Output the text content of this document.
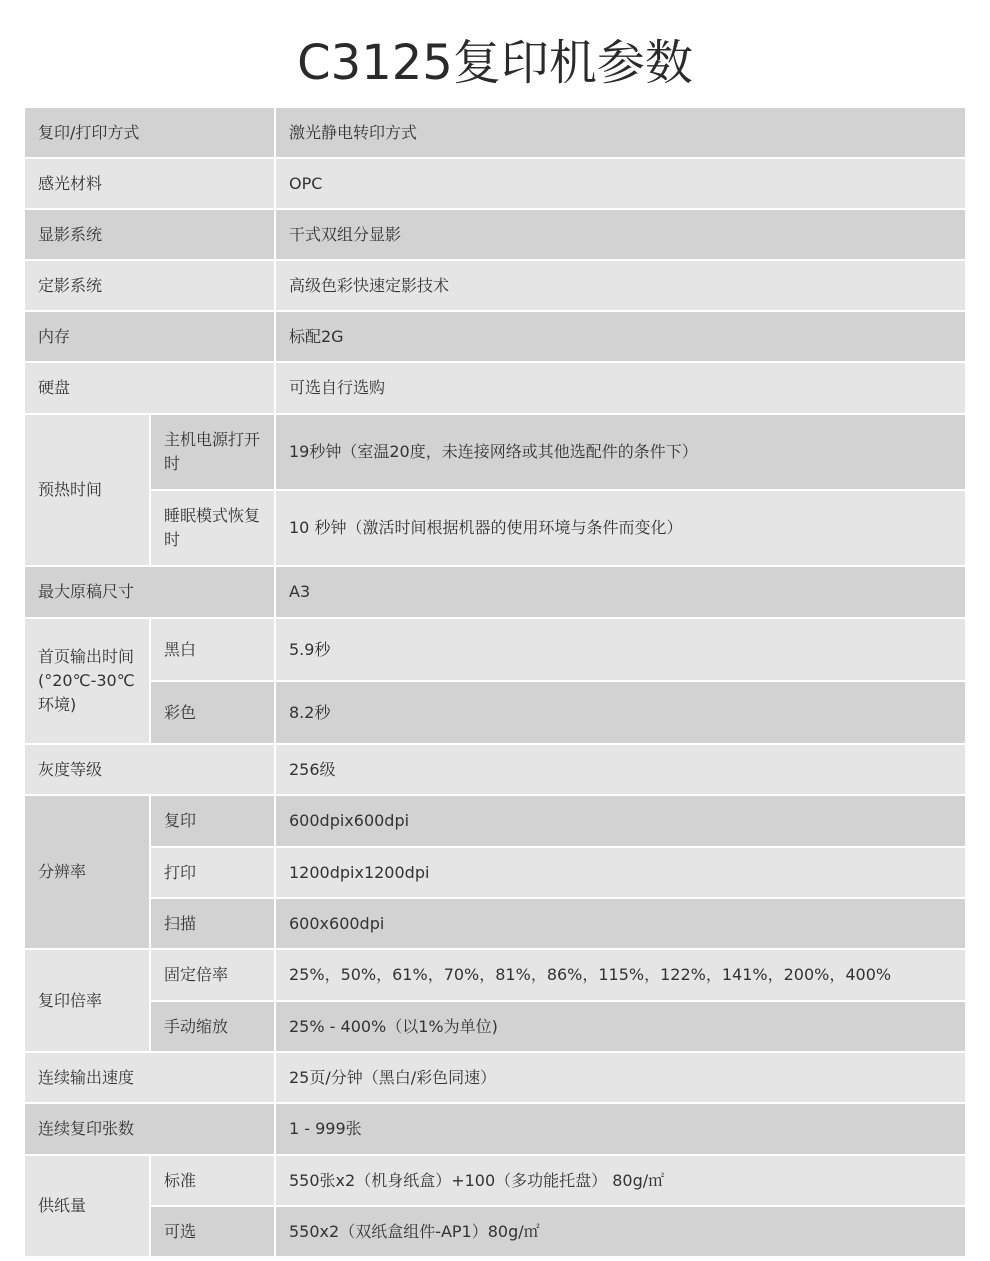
C3125复印机参数
复印/打印方式		激光静电转印方式
感光材料		OPC
显影系统		干式双组分显影
定影系统		高级色彩快速定影技术
内存		标配2G
硬盘		可选自行选购
预热时间	主机电源打开时	19秒钟（室温20度，未连接网络或其他选配件的条件下）
	睡眠模式恢复时	10 秒钟（激活时间根据机器的使用环境与条件而变化）
最大原稿尺寸		A3
首页输出时间(°20℃-30℃环境)	黑白	5.9秒
	彩色	8.2秒
灰度等级		256级
分辨率	复印	600dpix600dpi
	打印	1200dpix1200dpi
	扫描	600x600dpi
复印倍率	固定倍率	25%，50%，61%，70%，81%，86%，115%，122%，141%，200%，400%
	手动缩放	25% - 400%（以1%为单位)
连续输出速度		25页/分钟（黑白/彩色同速）
连续复印张数		1 - 999张
供纸量	标准	550张x2（机身纸盒）+100（多功能托盘） 80g/㎡
	可选	550x2（双纸盒组件-AP1）80g/㎡
